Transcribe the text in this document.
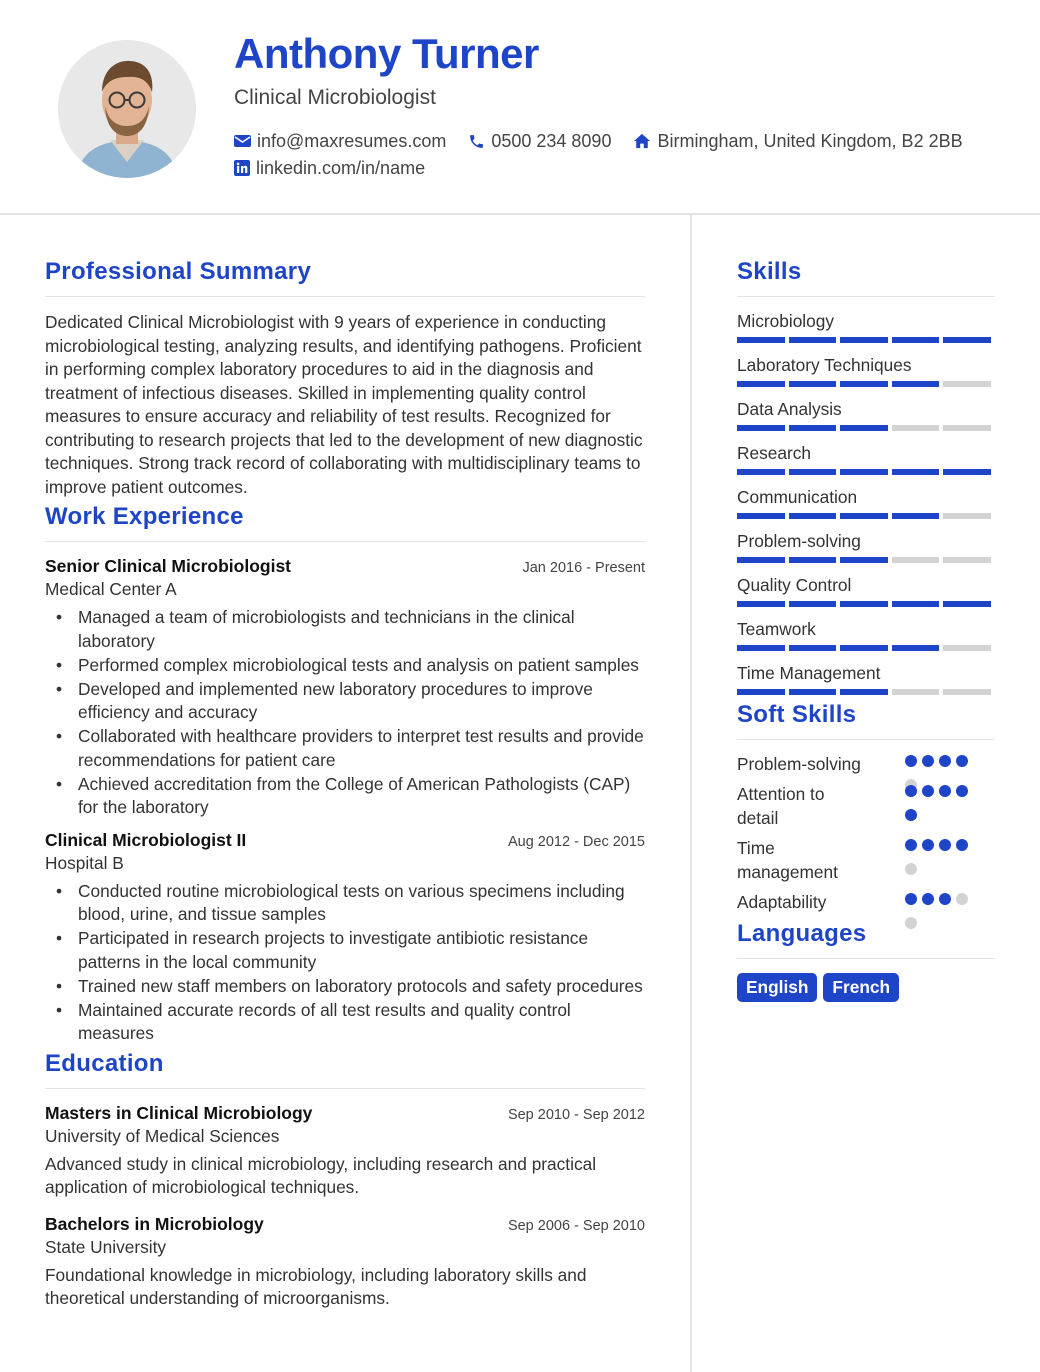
Anthony Turner
Clinical Microbiologist
info@maxresumes.com	0500 234 8090	Birmingham, United Kingdom, B2 2BB
linkedin.com/in/name
Professional Summary
Dedicated Clinical Microbiologist with 9 years of experience in conducting microbiological testing, analyzing results, and identifying pathogens. Proficient in performing complex laboratory procedures to aid in the diagnosis and treatment of infectious diseases. Skilled in implementing quality control measures to ensure accuracy and reliability of test results. Recognized for contributing to research projects that led to the development of new diagnostic techniques. Strong track record of collaborating with multidisciplinary teams to improve patient outcomes.
Work Experience
Senior Clinical Microbiologist	Jan 2016 - Present
Medical Center A
• Managed a team of microbiologists and technicians in the clinical laboratory
• Performed complex microbiological tests and analysis on patient samples
• Developed and implemented new laboratory procedures to improve efficiency and accuracy
• Collaborated with healthcare providers to interpret test results and provide recommendations for patient care
• Achieved accreditation from the College of American Pathologists (CAP) for the laboratory
Clinical Microbiologist II	Aug 2012 - Dec 2015
Hospital B
• Conducted routine microbiological tests on various specimens including blood, urine, and tissue samples
• Participated in research projects to investigate antibiotic resistance patterns in the local community
• Trained new staff members on laboratory protocols and safety procedures
• Maintained accurate records of all test results and quality control measures
Education
Masters in Clinical Microbiology	Sep 2010 - Sep 2012
University of Medical Sciences
Advanced study in clinical microbiology, including research and practical application of microbiological techniques.
Bachelors in Microbiology	Sep 2006 - Sep 2010
State University
Foundational knowledge in microbiology, including laboratory skills and theoretical understanding of microorganisms.
Skills
Microbiology
Laboratory Techniques
Data Analysis
Research
Communication
Problem-solving
Quality Control
Teamwork
Time Management
Soft Skills
Problem-solving
Attention to detail
Time management
Adaptability
Languages
English	French
